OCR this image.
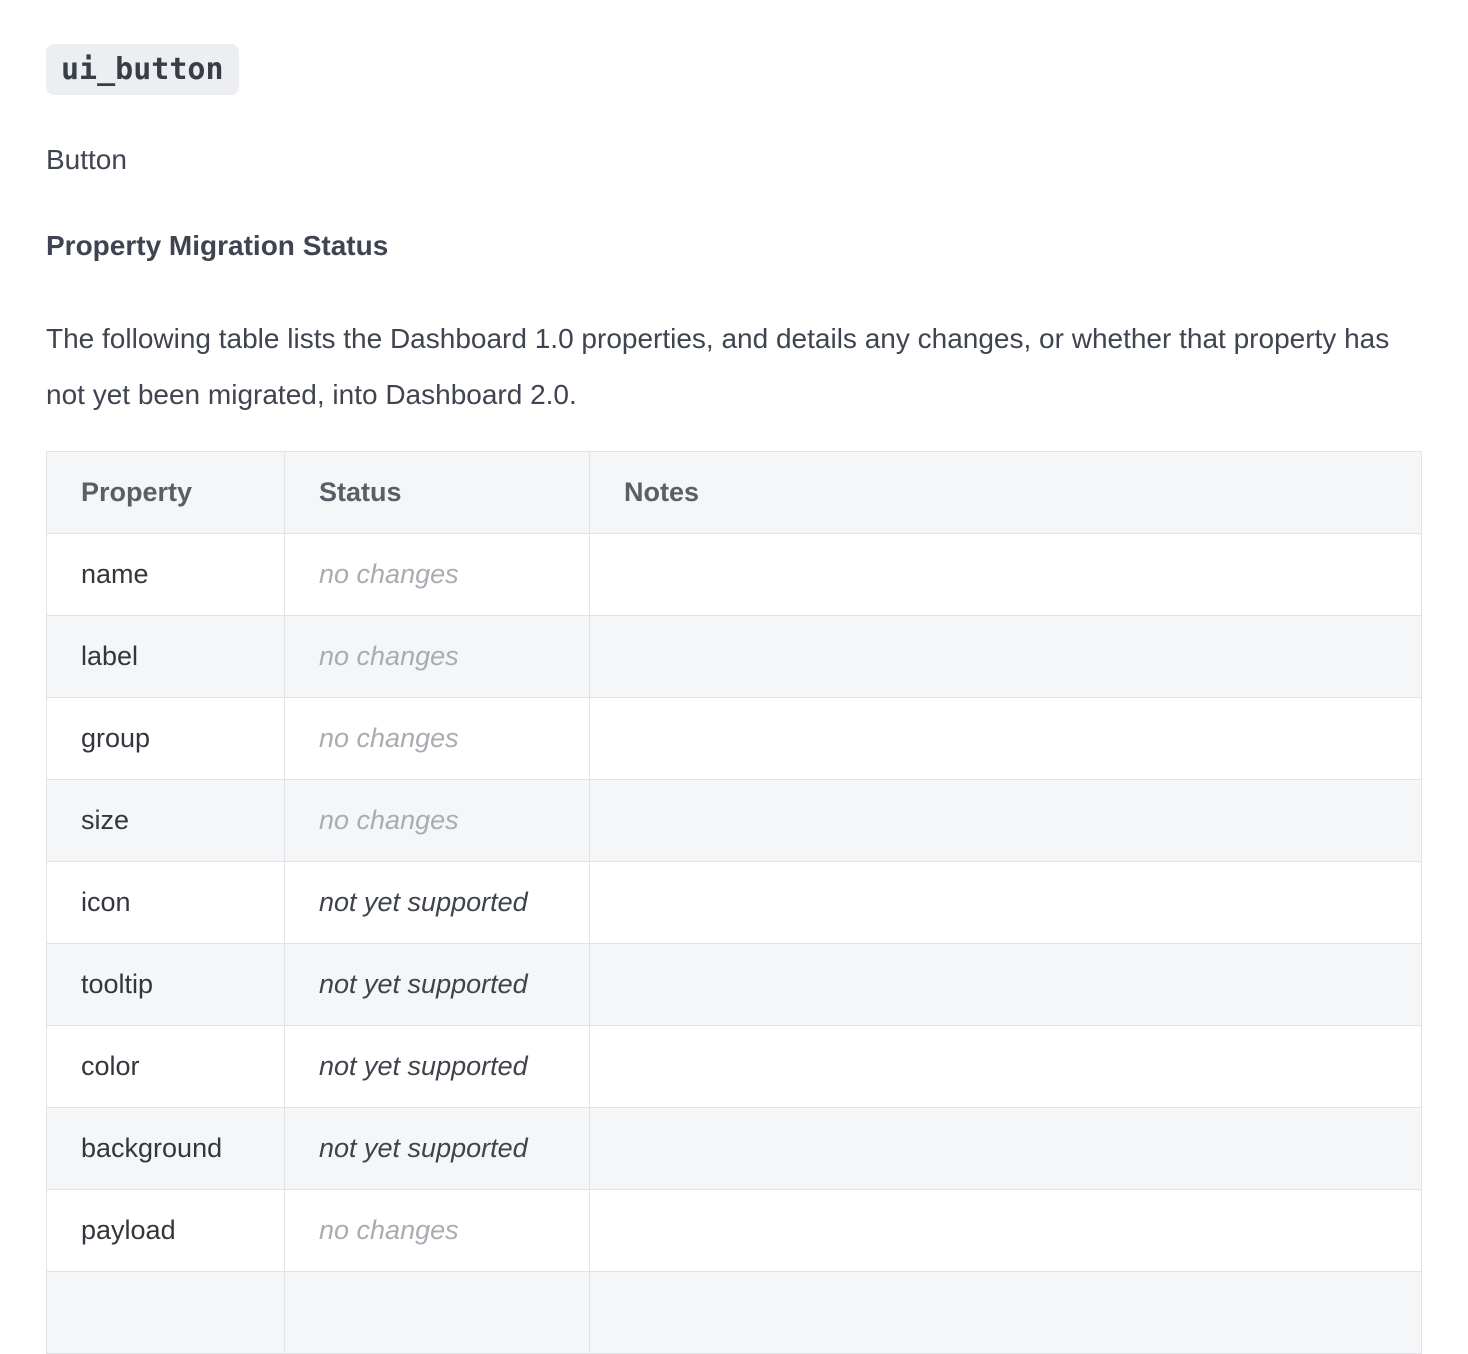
ui_button

Button

Property Migration Status

The following table lists the Dashboard 1.0 properties, and details any changes, or whether that property has not yet been migrated, into Dashboard 2.0.

Property	Status	Notes
name	no changes	
label	no changes	
group	no changes	
size	no changes	
icon	not yet supported	
tooltip	not yet supported	
color	not yet supported	
background	not yet supported	
payload	no changes	
